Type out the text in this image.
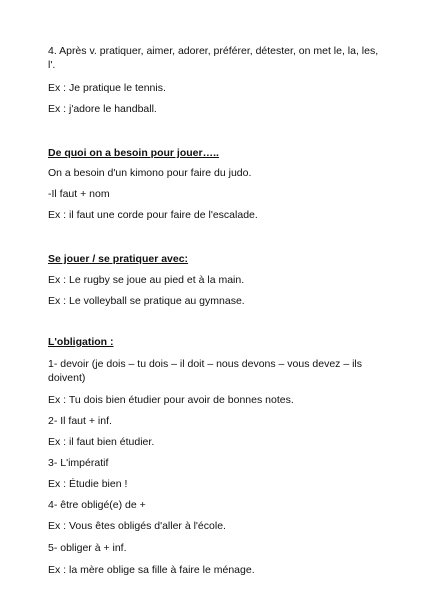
4. Après v. pratiquer, aimer, adorer, préférer, détester, on met le, la, les, l'.

Ex : Je pratique le tennis.

Ex : j'adore le handball.

De quoi on a besoin pour jouer…..

On a besoin d'un kimono pour faire du judo.

-Il faut + nom

Ex : il faut une corde pour faire de l'escalade.

Se jouer / se pratiquer avec:

Ex : Le rugby se joue au pied et à la main.

Ex : Le volleyball se pratique au gymnase.

L'obligation :

1- devoir (je dois – tu dois – il doit – nous devons – vous devez – ils doivent)

Ex : Tu dois bien étudier pour avoir de bonnes notes.

2- Il faut + inf.

Ex : il faut bien étudier.

3- L'impératif

Ex : Étudie bien !

4- être obligé(e) de +

Ex : Vous êtes obligés d'aller à l'école.

5- obliger à + inf.

Ex : la mère oblige sa fille à faire le ménage.
